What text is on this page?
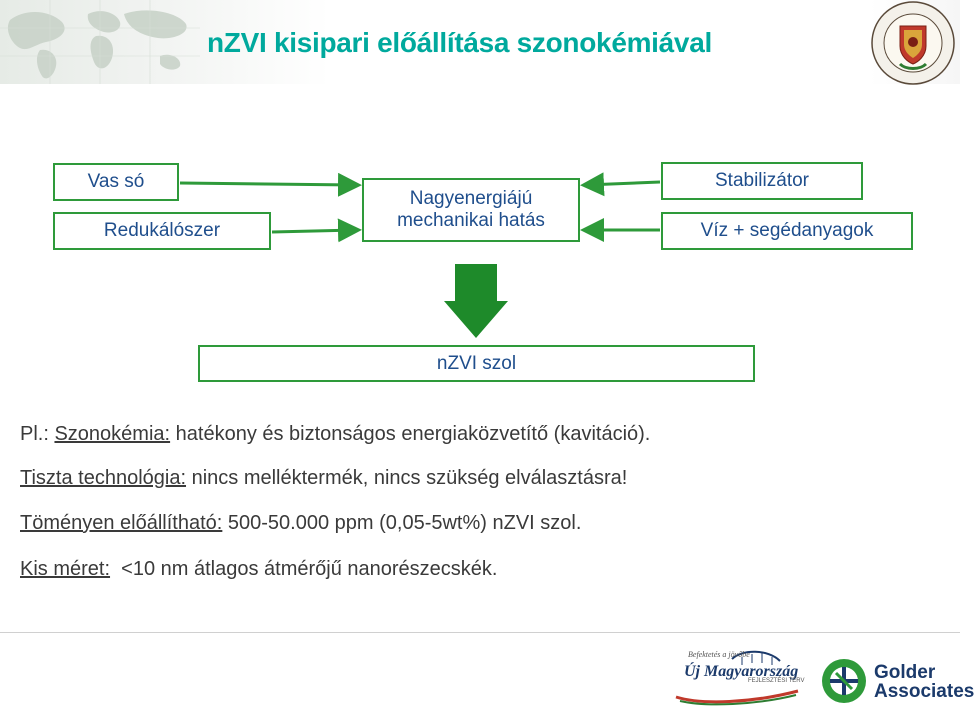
nZVI kisipari előállítása szonokémiával
Vas só
Redukálószer
Nagyenergiájú
mechanikai hatás
Stabilizátor
Víz + segédanyagok
nZVI szol
Pl.: Szonokémia: hatékony és biztonságos energiaközvetítő (kavitáció).
Tiszta technológia: nincs melléktermék, nincs szükség elválasztásra!
Töményen előállítható: 500-50.000 ppm (0,05-5wt%) nZVI szol.
Kis méret:  <10 nm átlagos átmérőjű nanorészecskék.
Befektetés a jövőbe
Új Magyarország
FEJLESZTÉSI TERV	Golder
Associates
